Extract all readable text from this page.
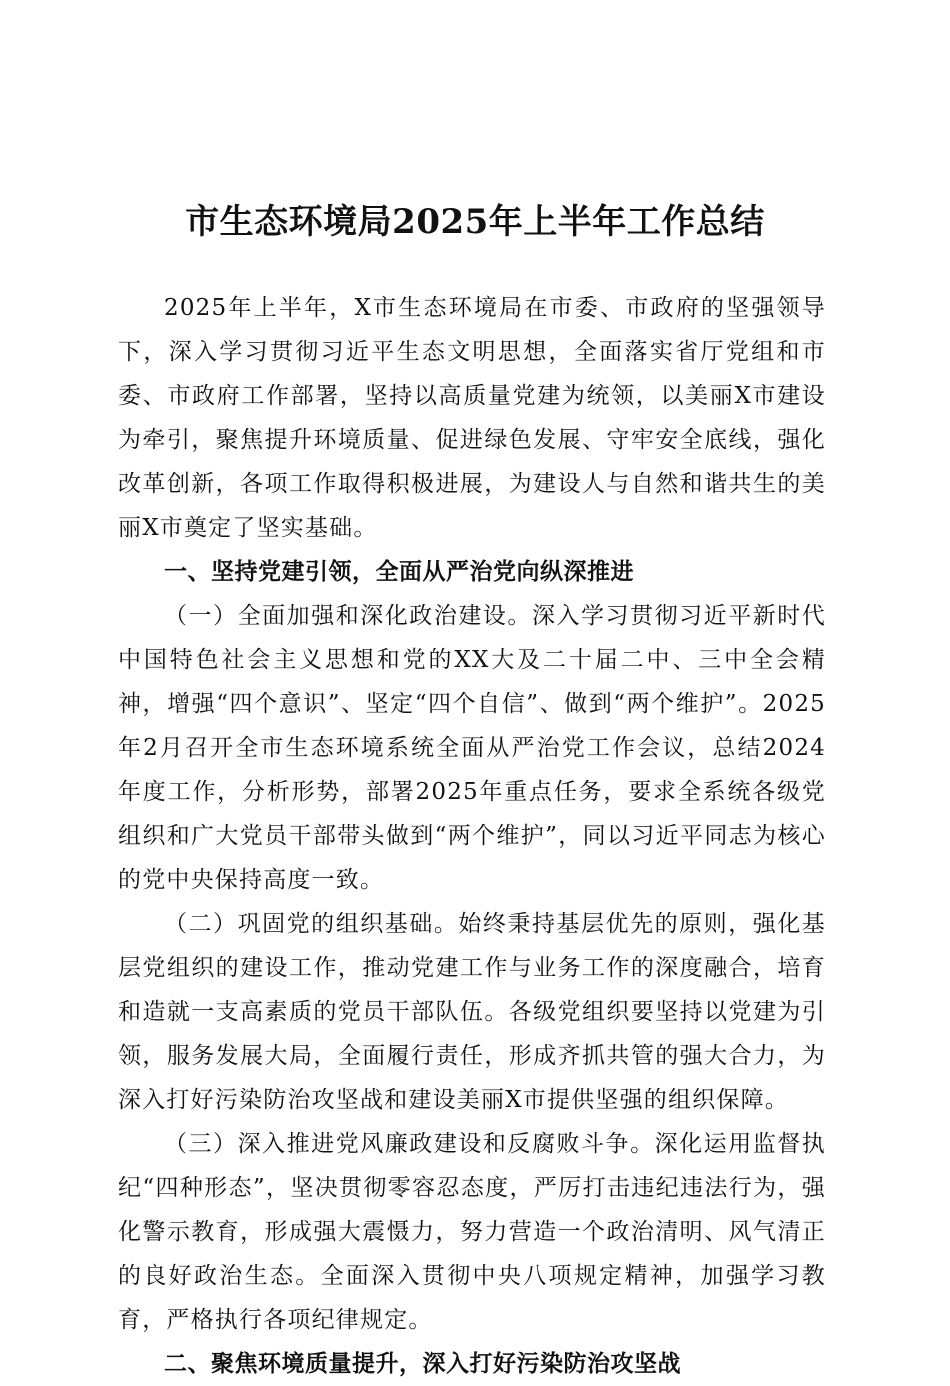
市生态环境局2025年上半年工作总结

2025年上半年，X市生态环境局在市委、市政府的坚强领导下，深入学习贯彻习近平生态文明思想，全面落实省厅党组和市委、市政府工作部署，坚持以高质量党建为统领，以美丽X市建设为牵引，聚焦提升环境质量、促进绿色发展、守牢安全底线，强化改革创新，各项工作取得积极进展，为建设人与自然和谐共生的美丽X市奠定了坚实基础。

一、坚持党建引领，全面从严治党向纵深推进

（一）全面加强和深化政治建设。深入学习贯彻习近平新时代中国特色社会主义思想和党的XX大及二十届二中、三中全会精神，增强“四个意识”、坚定“四个自信”、做到“两个维护”。2025年2月召开全市生态环境系统全面从严治党工作会议，总结2024年度工作，分析形势，部署2025年重点任务，要求全系统各级党组织和广大党员干部带头做到“两个维护”，同以习近平同志为核心的党中央保持高度一致。

（二）巩固党的组织基础。始终秉持基层优先的原则，强化基层党组织的建设工作，推动党建工作与业务工作的深度融合，培育和造就一支高素质的党员干部队伍。各级党组织要坚持以党建为引领，服务发展大局，全面履行责任，形成齐抓共管的强大合力，为深入打好污染防治攻坚战和建设美丽X市提供坚强的组织保障。

（三）深入推进党风廉政建设和反腐败斗争。深化运用监督执纪“四种形态”，坚决贯彻零容忍态度，严厉打击违纪违法行为，强化警示教育，形成强大震慑力，努力营造一个政治清明、风气清正的良好政治生态。全面深入贯彻中央八项规定精神，加强学习教育，严格执行各项纪律规定。

二、聚焦环境质量提升，深入打好污染防治攻坚战
